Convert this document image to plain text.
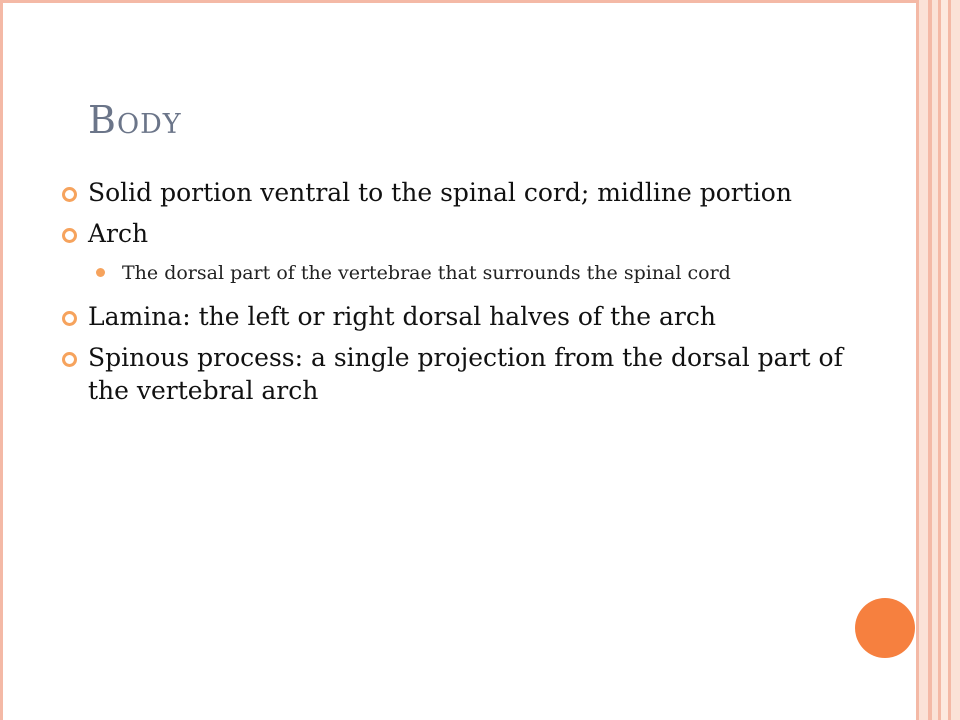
BODY
Solid portion ventral to the spinal cord; midline portion
Arch
The dorsal part of the vertebrae that surrounds the spinal cord
Lamina: the left or right dorsal halves of the arch
Spinous process: a single projection from the dorsal part of the vertebral arch
